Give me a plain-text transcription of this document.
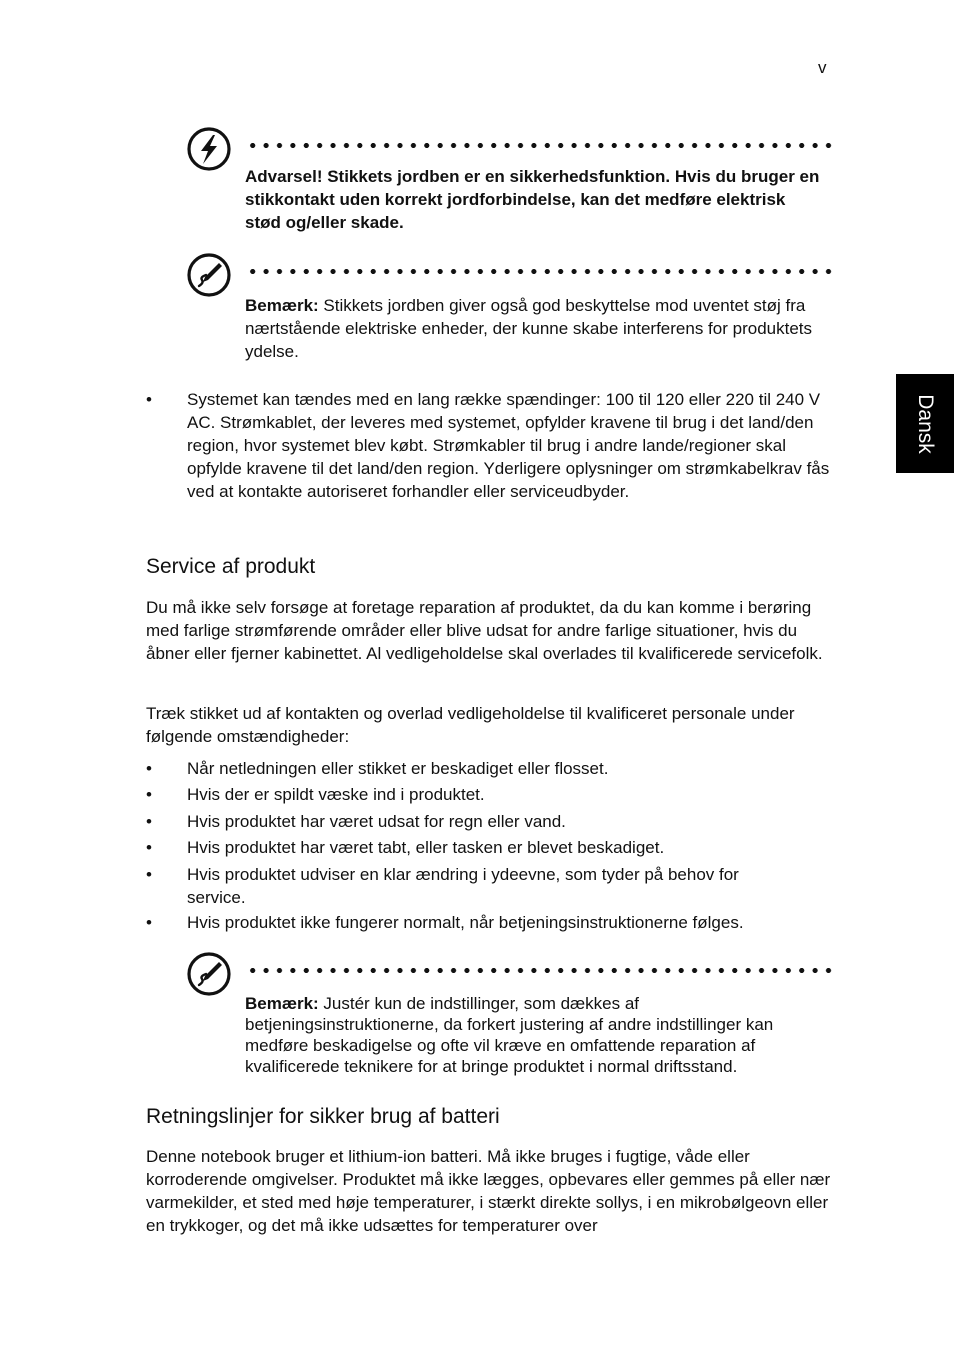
v
Dansk
Advarsel! Stikkets jordben er en sikkerhedsfunktion. Hvis du bruger en stikkontakt uden korrekt jordforbindelse, kan det medføre elektrisk stød og/eller skade.
Bemærk: Stikkets jordben giver også god beskyttelse mod uventet støj fra nærtstående elektriske enheder, der kunne skabe interferens for produktets ydelse.
• Systemet kan tændes med en lang række spændinger: 100 til 120 eller 220 til 240 V AC. Strømkablet, der leveres med systemet, opfylder kravene til brug i det land/den region, hvor systemet blev købt. Strømkabler til brug i andre lande/regioner skal opfylde kravene til det land/den region. Yderligere oplysninger om strømkabelkrav fås ved at kontakte autoriseret forhandler eller serviceudbyder.
Service af produkt
Du må ikke selv forsøge at foretage reparation af produktet, da du kan komme i berøring med farlige strømførende områder eller blive udsat for andre farlige situationer, hvis du åbner eller fjerner kabinettet. Al vedligeholdelse skal overlades til kvalificerede servicefolk.
Træk stikket ud af kontakten og overlad vedligeholdelse til kvalificeret personale under følgende omstændigheder:
• Når netledningen eller stikket er beskadiget eller flosset.
• Hvis der er spildt væske ind i produktet.
• Hvis produktet har været udsat for regn eller vand.
• Hvis produktet har været tabt, eller tasken er blevet beskadiget.
• Hvis produktet udviser en klar ændring i ydeevne, som tyder på behov for service.
• Hvis produktet ikke fungerer normalt, når betjeningsinstruktionerne følges.
Bemærk: Justér kun de indstillinger, som dækkes af betjeningsinstruktionerne, da forkert justering af andre indstillinger kan medføre beskadigelse og ofte vil kræve en omfattende reparation af kvalificerede teknikere for at bringe produktet i normal driftsstand.
Retningslinjer for sikker brug af batteri
Denne notebook bruger et lithium-ion batteri. Må ikke bruges i fugtige, våde eller korroderende omgivelser. Produktet må ikke lægges, opbevares eller gemmes på eller nær varmekilder, et sted med høje temperaturer, i stærkt direkte sollys, i en mikrobølgeovn eller en trykkoger, og det må ikke udsættes for temperaturer over
